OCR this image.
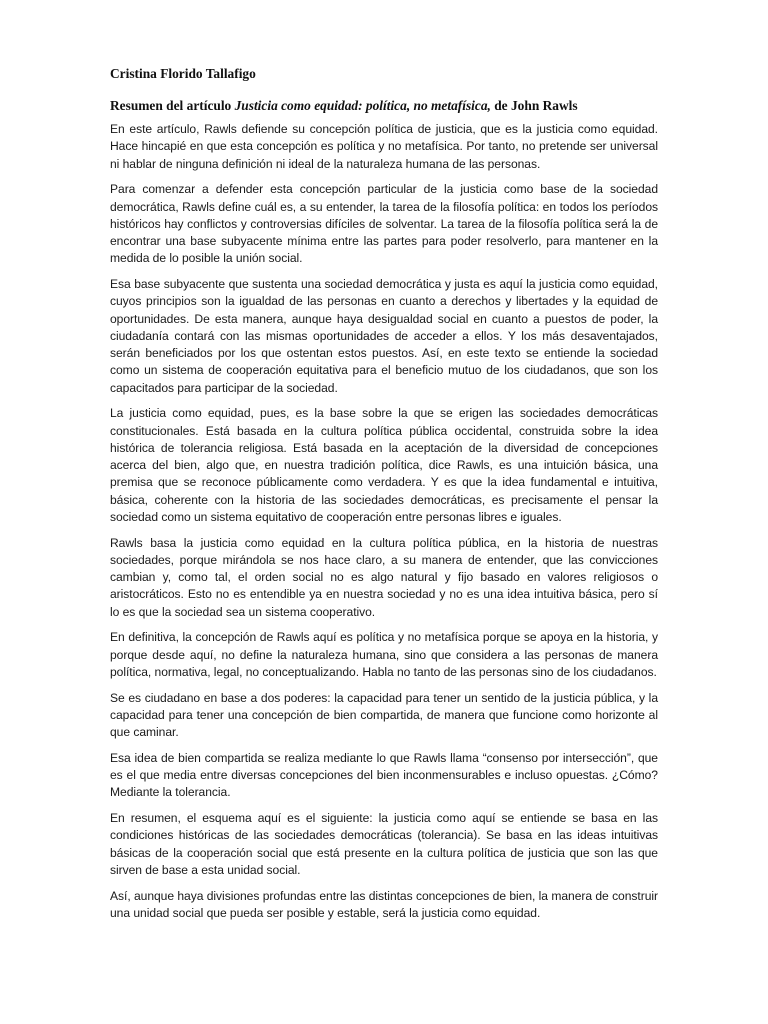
Cristina Florido Tallafigo
Resumen del artículo Justicia como equidad: política, no metafísica, de John Rawls

En este artículo, Rawls defiende su concepción política de justicia, que es la justicia como equidad. Hace hincapié en que esta concepción es política y no metafísica. Por tanto, no pretende ser universal ni hablar de ninguna definición ni ideal de la naturaleza humana de las personas.

Para comenzar a defender esta concepción particular de la justicia como base de la sociedad democrática, Rawls define cuál es, a su entender, la tarea de la filosofía política: en todos los períodos históricos hay conflictos y controversias difíciles de solventar. La tarea de la filosofía política será la de encontrar una base subyacente mínima entre las partes para poder resolverlo, para mantener en la medida de lo posible la unión social.

Esa base subyacente que sustenta una sociedad democrática y justa es aquí la justicia como equidad, cuyos principios son la igualdad de las personas en cuanto a derechos y libertades y la equidad de oportunidades. De esta manera, aunque haya desigualdad social en cuanto a puestos de poder, la ciudadanía contará con las mismas oportunidades de acceder a ellos. Y los más desaventajados, serán beneficiados por los que ostentan estos puestos. Así, en este texto se entiende la sociedad como un sistema de cooperación equitativa para el beneficio mutuo de los ciudadanos, que son los capacitados para participar de la sociedad.

La justicia como equidad, pues, es la base sobre la que se erigen las sociedades democráticas constitucionales. Está basada en la cultura política pública occidental, construida sobre la idea histórica de tolerancia religiosa. Está basada en la aceptación de la diversidad de concepciones acerca del bien, algo que, en nuestra tradición política, dice Rawls, es una intuición básica, una premisa que se reconoce públicamente como verdadera. Y es que la idea fundamental e intuitiva, básica, coherente con la historia de las sociedades democráticas, es precisamente el pensar la sociedad como un sistema equitativo de cooperación entre personas libres e iguales.

Rawls basa la justicia como equidad en la cultura política pública, en la historia de nuestras sociedades, porque mirándola se nos hace claro, a su manera de entender, que las convicciones cambian y, como tal, el orden social no es algo natural y fijo basado en valores religiosos o aristocráticos. Esto no es entendible ya en nuestra sociedad y no es una idea intuitiva básica, pero sí lo es que la sociedad sea un sistema cooperativo.

En definitiva, la concepción de Rawls aquí es política y no metafísica porque se apoya en la historia, y porque desde aquí, no define la naturaleza humana, sino que considera a las personas de manera política, normativa, legal, no conceptualizando. Habla no tanto de las personas sino de los ciudadanos.

Se es ciudadano en base a dos poderes: la capacidad para tener un sentido de la justicia pública, y la capacidad para tener una concepción de bien compartida, de manera que funcione como horizonte al que caminar.

Esa idea de bien compartida se realiza mediante lo que Rawls llama “consenso por intersección”, que es el que media entre diversas concepciones del bien inconmensurables e incluso opuestas. ¿Cómo? Mediante la tolerancia.

En resumen, el esquema aquí es el siguiente: la justicia como aquí se entiende se basa en las condiciones históricas de las sociedades democráticas (tolerancia). Se basa en las ideas intuitivas básicas de la cooperación social que está presente en la cultura política de justicia que son las que sirven de base a esta unidad social.

Así, aunque haya divisiones profundas entre las distintas concepciones de bien, la manera de construir una unidad social que pueda ser posible y estable, será la justicia como equidad.
